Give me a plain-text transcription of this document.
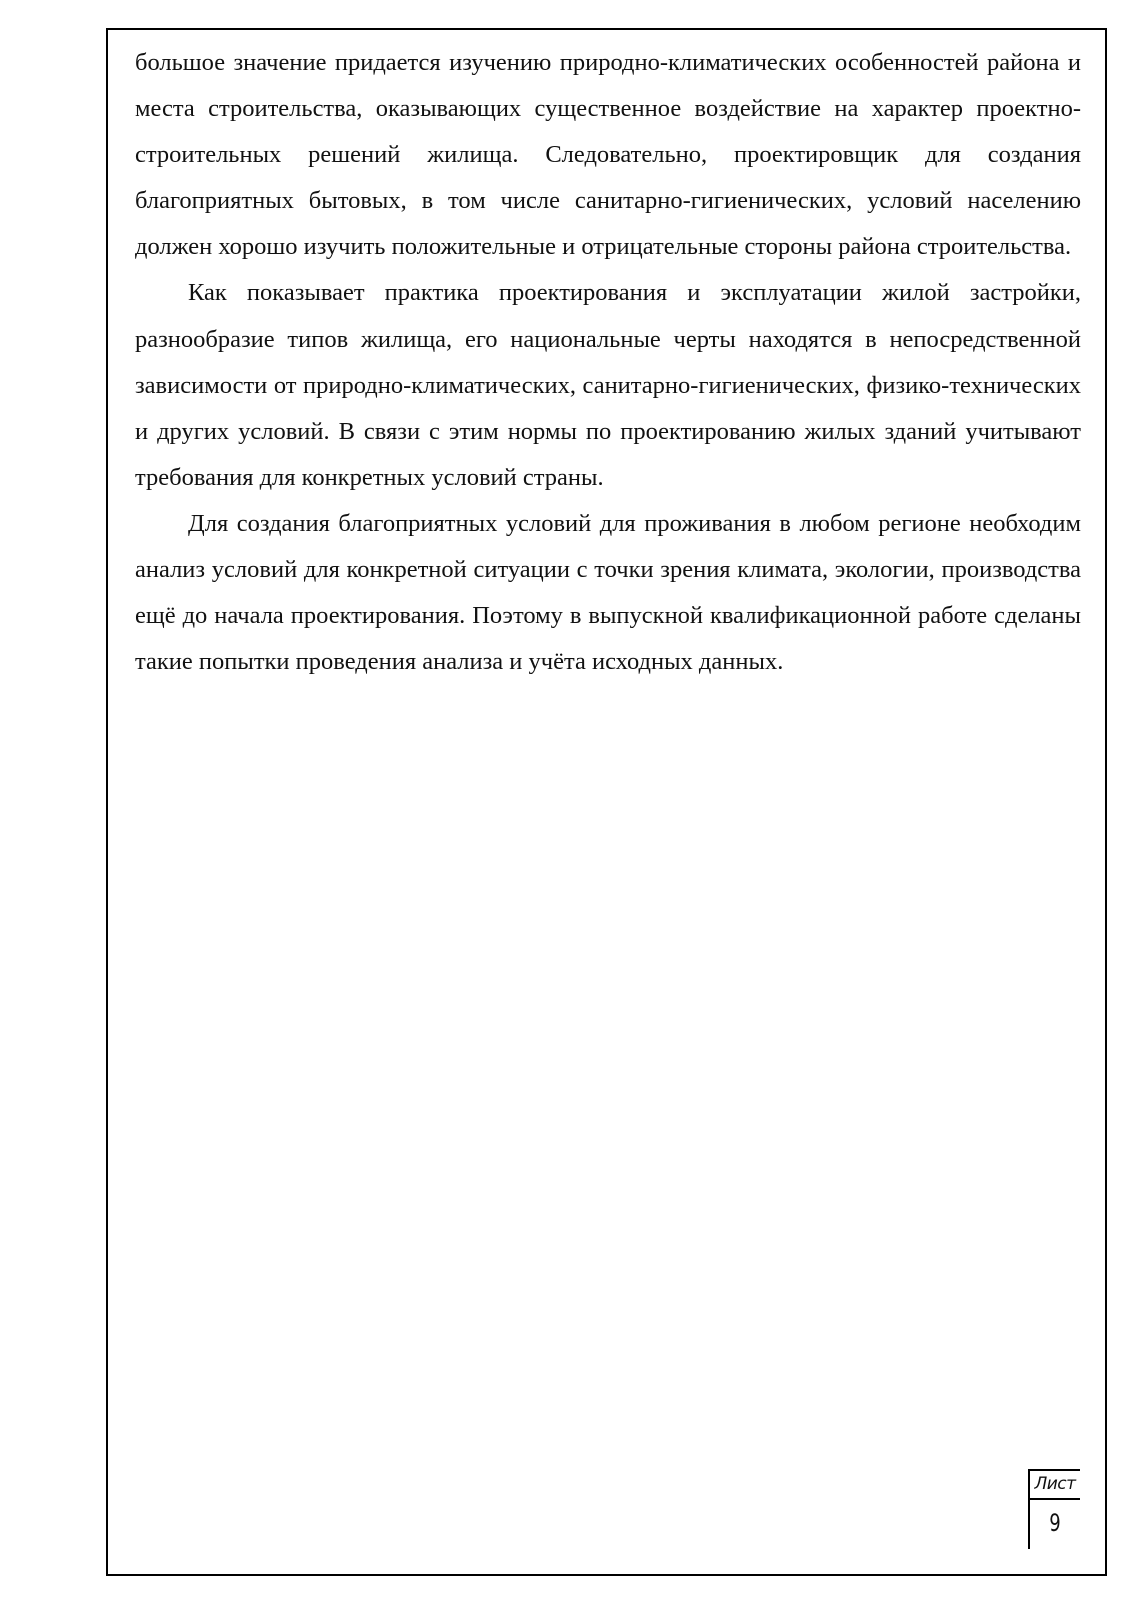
Лист
9

большое значение придается изучению природно-климатических особенностей района и места строительства, оказывающих существенное воздействие на характер проектно-строительных решений жилища. Следовательно, проектировщик для создания благоприятных бытовых, в том числе санитарно-гигиенических, условий населению должен хорошо изучить положительные и отрицательные стороны района строительства.

Как показывает практика проектирования и эксплуатации жилой застройки, разнообразие типов жилища, его национальные черты находятся в непосредственной зависимости от природно-климатических, санитарно-гигиенических, физико-технических и других условий. В связи с этим нормы по проектированию жилых зданий учитывают требования для конкретных условий страны.

Для создания благоприятных условий для проживания в любом регионе необходим анализ условий для конкретной ситуации с точки зрения климата, экологии, производства ещё до начала проектирования. Поэтому в выпускной квалификационной работе сделаны такие попытки проведения анализа и учёта исходных данных.
